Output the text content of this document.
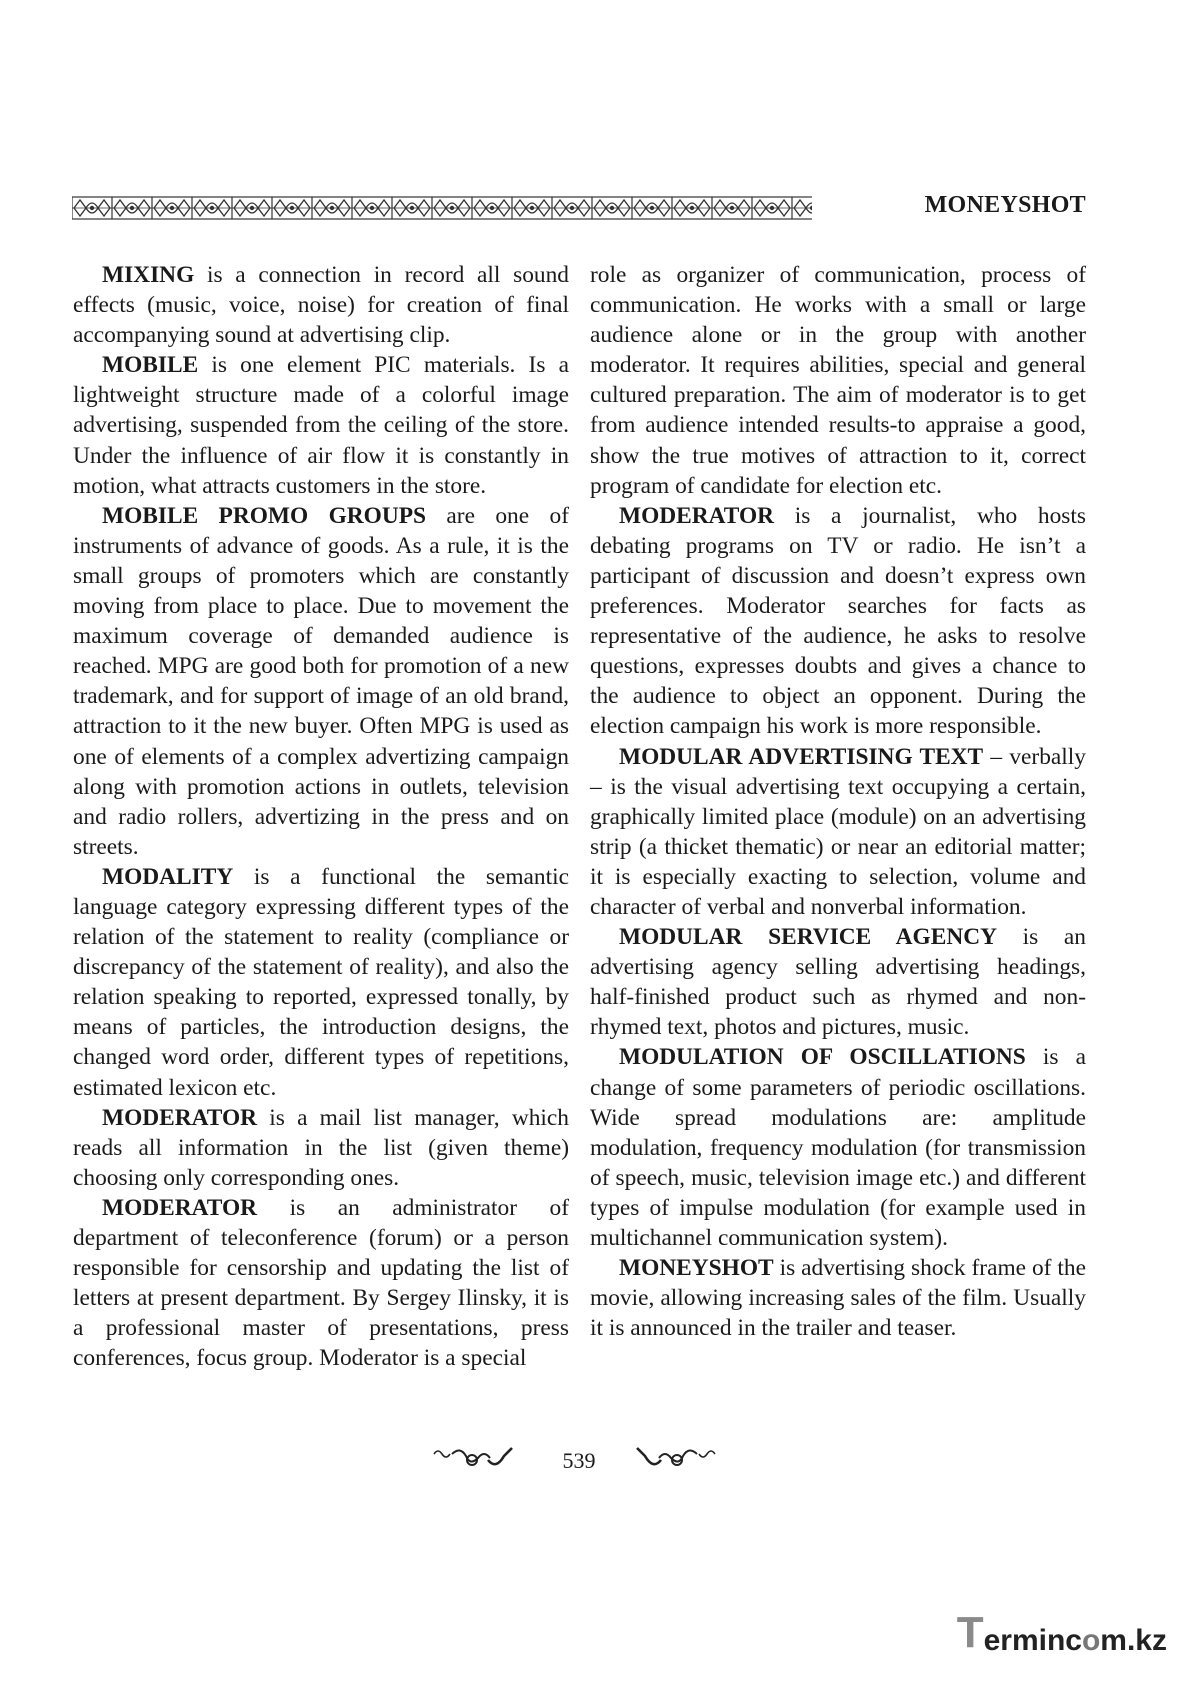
MONEYSHOT

MIXING is a connection in record all sound effects (music, voice, noise) for creation of final accompanying sound at advertising clip.

MOBILE is one element PIC materials. Is a lightweight structure made of a colorful image advertising, suspended from the ceiling of the store. Under the influence of air flow it is constantly in motion, what attracts customers in the store.

MOBILE PROMO GROUPS are one of instruments of advance of goods. As a rule, it is the small groups of promoters which are constantly moving from place to place. Due to movement the maximum coverage of demanded audience is reached. MPG are good both for promotion of a new trademark, and for support of image of an old brand, attraction to it the new buyer. Often MPG is used as one of elements of a complex advertizing campaign along with promotion actions in outlets, television and radio rollers, advertizing in the press and on streets.

MODALITY is a functional the semantic language category expressing different types of the relation of the statement to reality (compliance or discrepancy of the statement of reality), and also the relation speaking to reported, expressed tonally, by means of particles, the introduction designs, the changed word order, different types of repetitions, estimated lexicon etc.

MODERATOR is a mail list manager, which reads all information in the list (given theme) choosing only corresponding ones.

MODERATOR is an administrator of department of teleconference (forum) or a person responsible for censorship and updating the list of letters at present department. By Sergey Ilinsky, it is a professional master of presentations, press conferences, focus group. Moderator is a special

role as organizer of communication, process of communication. He works with a small or large audience alone or in the group with another moderator. It requires abilities, special and general cultured preparation. The aim of moderator is to get from audience intended results-to appraise a good, show the true motives of attraction to it, correct program of candidate for election etc.

MODERATOR is a journalist, who hosts debating programs on TV or radio. He isn’t a participant of discussion and doesn’t express own preferences. Moderator searches for facts as representative of the audience, he asks to resolve questions, expresses doubts and gives a chance to the audience to object an opponent. During the election campaign his work is more responsible.

MODULAR ADVERTISING TEXT – verbally – is the visual advertising text occupying a certain, graphically limited place (module) on an advertising strip (a thicket thematic) or near an editorial matter; it is especially exacting to selection, volume and character of verbal and nonverbal information.

MODULAR SERVICE AGENCY is an advertising agency selling advertising headings, half-finished product such as rhymed and non-rhymed text, photos and pictures, music.

MODULATION OF OSCILLATIONS is a change of some parameters of periodic oscillations. Wide spread modulations are: amplitude modulation, frequency modulation (for transmission of speech, music, television image etc.) and different types of impulse modulation (for example used in multichannel communication system).

MONEYSHOT is advertising shock frame of the movie, allowing increasing sales of the film. Usually it is announced in the trailer and teaser.

539
Termincom.kz
